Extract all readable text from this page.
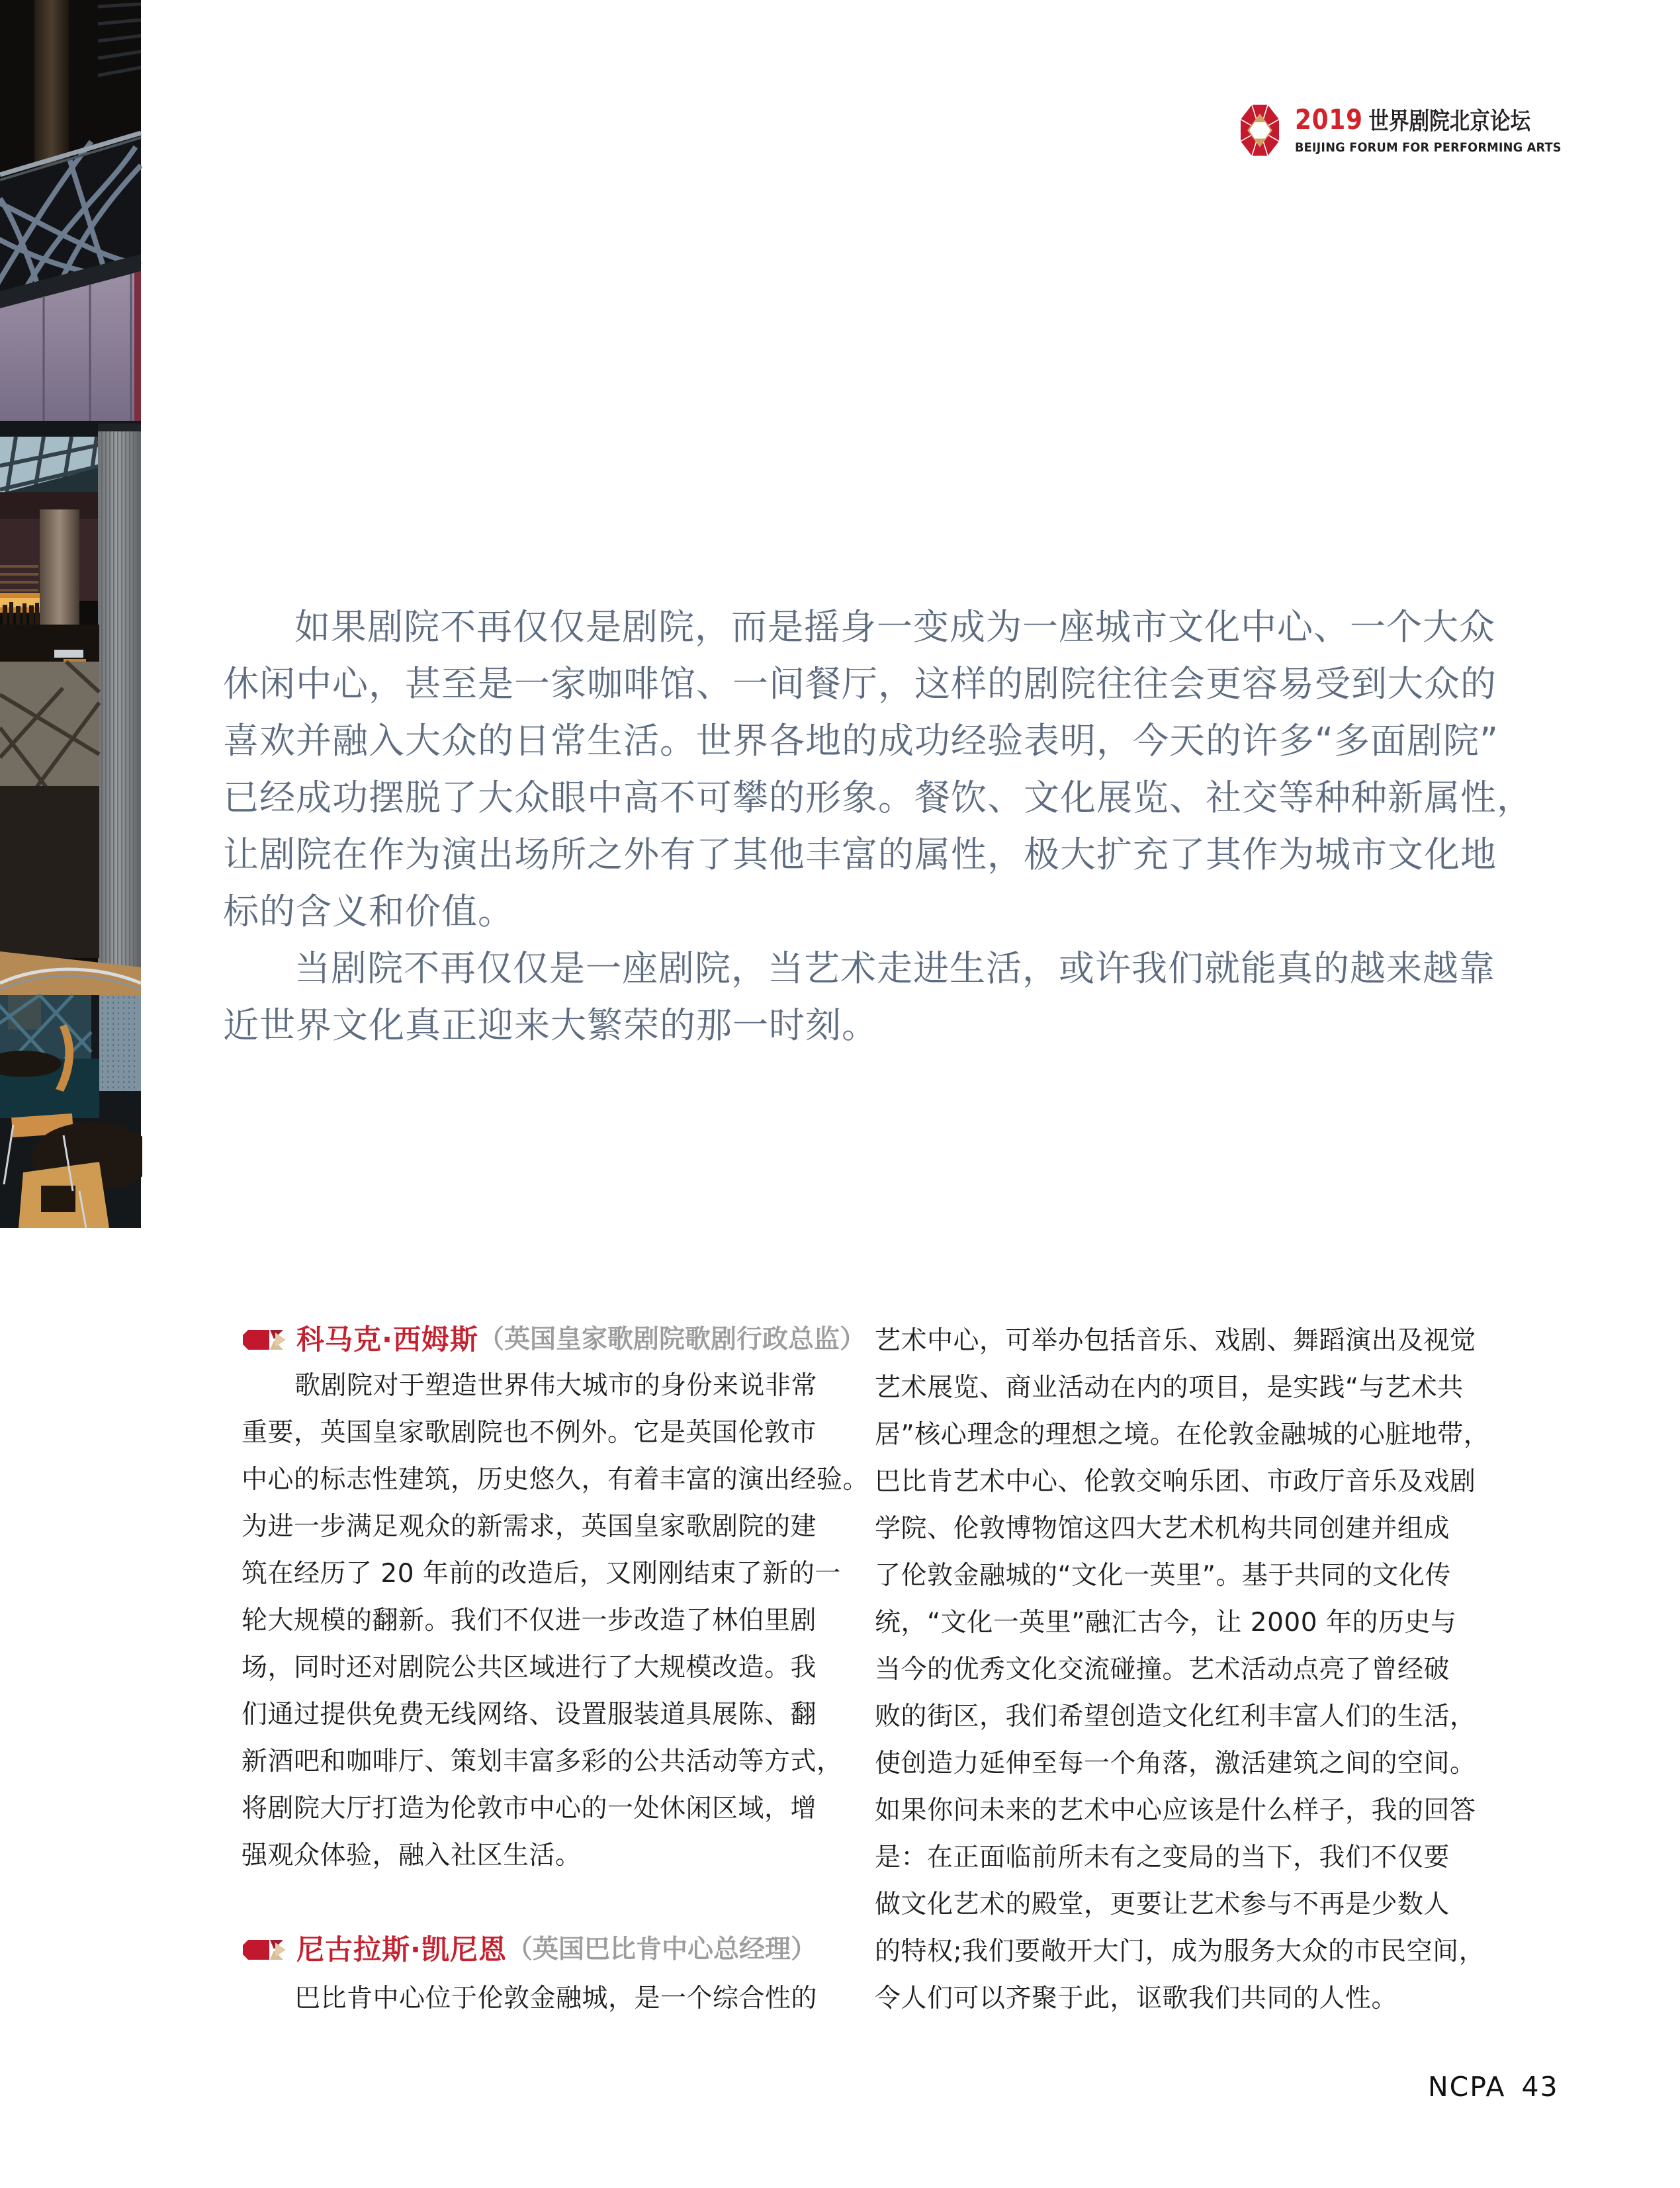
2019 世界剧院北京论坛
BEIJING FORUM FOR PERFORMING ARTS
如果剧院不再仅仅是剧院，而是摇身一变成为一座城市文化中心、一个大众
休闲中心，甚至是一家咖啡馆、一间餐厅，这样的剧院往往会更容易受到大众的
喜欢并融入大众的日常生活。世界各地的成功经验表明，今天的许多“多面剧院”
已经成功摆脱了大众眼中高不可攀的形象。餐饮、文化展览、社交等种种新属性，
让剧院在作为演出场所之外有了其他丰富的属性，极大扩充了其作为城市文化地
标的含义和价值。
当剧院不再仅仅是一座剧院，当艺术走进生活，或许我们就能真的越来越靠
近世界文化真正迎来大繁荣的那一时刻。
科马克·西姆斯 （英国皇家歌剧院歌剧行政总监）
歌剧院对于塑造世界伟大城市的身份来说非常
重要，英国皇家歌剧院也不例外。它是英国伦敦市
中心的标志性建筑，历史悠久，有着丰富的演出经验。
为进一步满足观众的新需求，英国皇家歌剧院的建
筑在经历了 20 年前的改造后，又刚刚结束了新的一
轮大规模的翻新。我们不仅进一步改造了林伯里剧
场，同时还对剧院公共区域进行了大规模改造。我
们通过提供免费无线网络、设置服装道具展陈、翻
新酒吧和咖啡厅、策划丰富多彩的公共活动等方式，
将剧院大厅打造为伦敦市中心的一处休闲区域，增
强观众体验，融入社区生活。
尼古拉斯·凯尼恩 （英国巴比肯中心总经理）
巴比肯中心位于伦敦金融城，是一个综合性的
艺术中心，可举办包括音乐、戏剧、舞蹈演出及视觉
艺术展览、商业活动在内的项目，是实践“与艺术共
居”核心理念的理想之境。在伦敦金融城的心脏地带，
巴比肯艺术中心、伦敦交响乐团、市政厅音乐及戏剧
学院、伦敦博物馆这四大艺术机构共同创建并组成
了伦敦金融城的“文化一英里”。基于共同的文化传
统，“文化一英里”融汇古今，让 2000 年的历史与
当今的优秀文化交流碰撞。艺术活动点亮了曾经破
败的街区，我们希望创造文化红利丰富人们的生活，
使创造力延伸至每一个角落，激活建筑之间的空间。
如果你问未来的艺术中心应该是什么样子，我的回答
是：在正面临前所未有之变局的当下，我们不仅要
做文化艺术的殿堂，更要让艺术参与不再是少数人
的特权;我们要敞开大门，成为服务大众的市民空间，
令人们可以齐聚于此，讴歌我们共同的人性。
NCPA 43
